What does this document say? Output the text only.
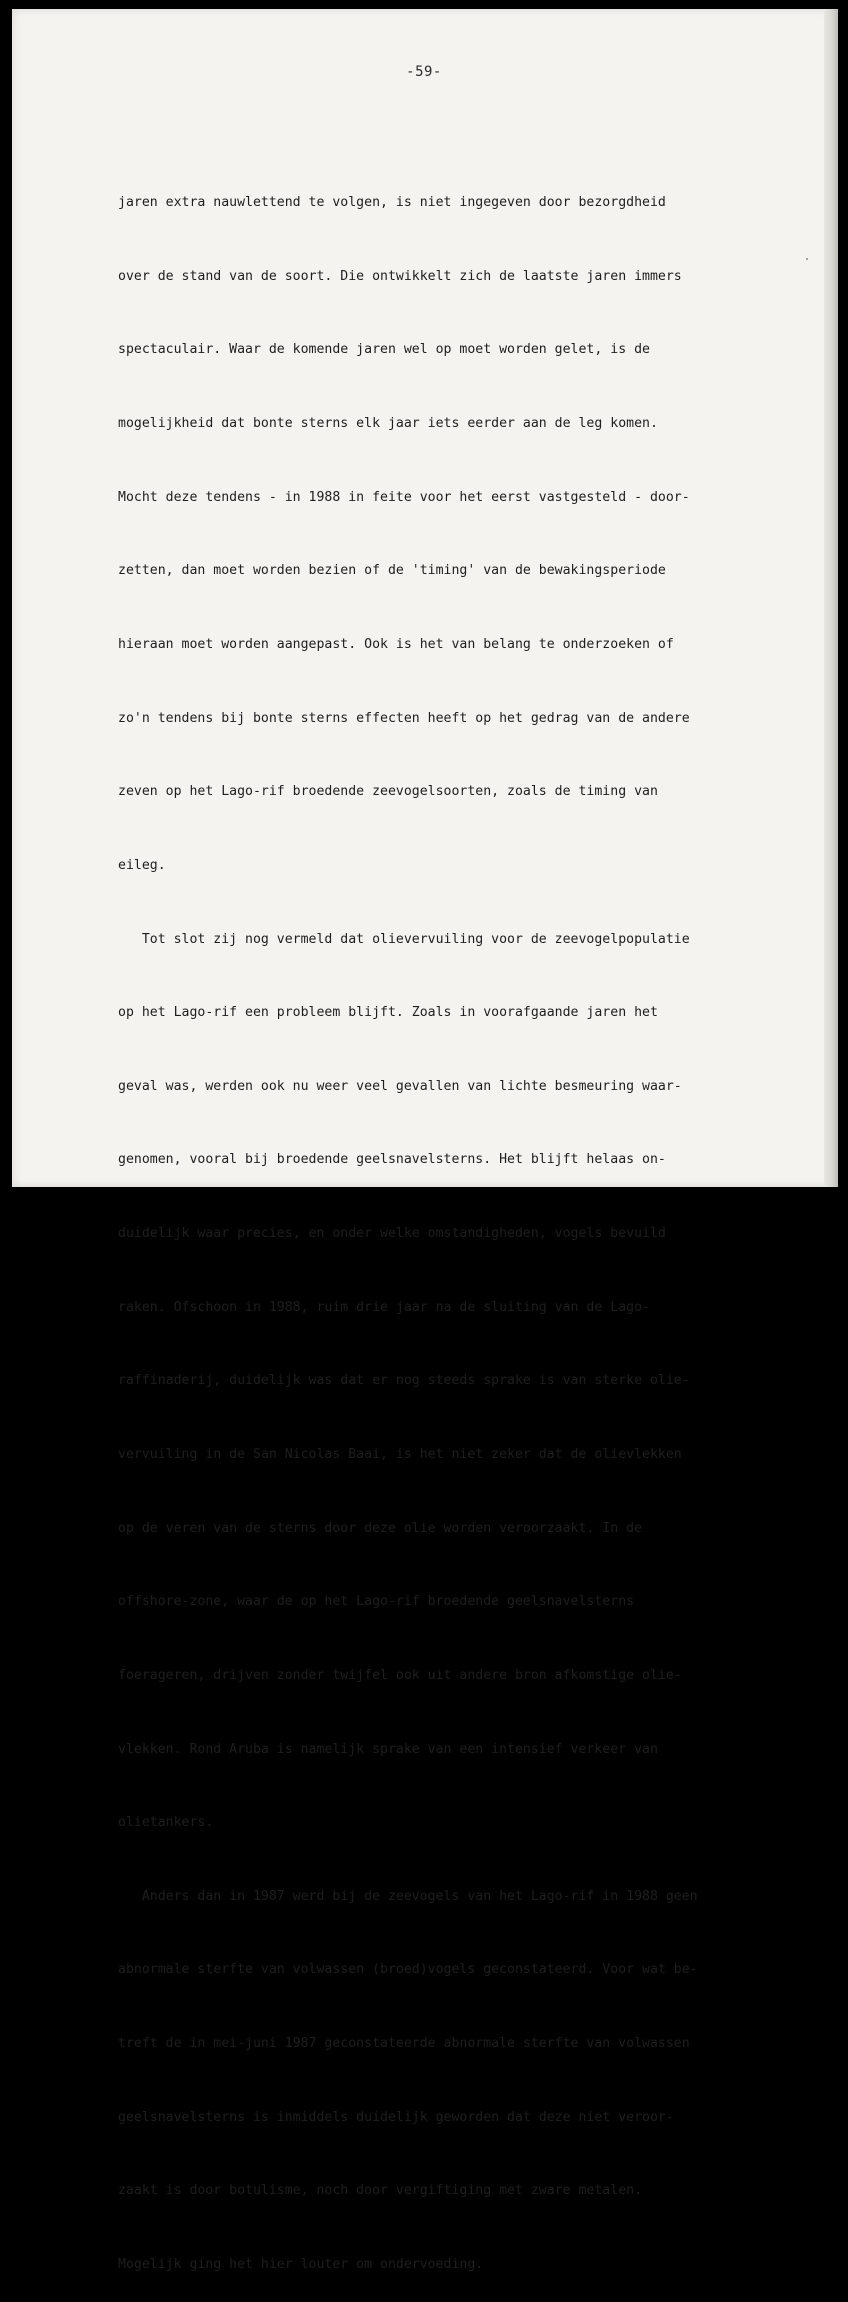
-59-

jaren extra nauwlettend te volgen, is niet ingegeven door bezorgdheid

over de stand van de soort. Die ontwikkelt zich de laatste jaren immers

spectaculair. Waar de komende jaren wel op moet worden gelet, is de

mogelijkheid dat bonte sterns elk jaar iets eerder aan de leg komen.

Mocht deze tendens - in 1988 in feite voor het eerst vastgesteld - door-

zetten, dan moet worden bezien of de 'timing' van de bewakingsperiode

hieraan moet worden aangepast. Ook is het van belang te onderzoeken of

zo'n tendens bij bonte sterns effecten heeft op het gedrag van de andere

zeven op het Lago-rif broedende zeevogelsoorten, zoals de timing van

eileg.

Tot slot zij nog vermeld dat olievervuiling voor de zeevogelpopulatie

op het Lago-rif een probleem blijft. Zoals in voorafgaande jaren het

geval was, werden ook nu weer veel gevallen van lichte besmeuring waar-

genomen, vooral bij broedende geelsnavelsterns. Het blijft helaas on-

duidelijk waar precies, en onder welke omstandigheden, vogels bevuild

raken. Ofschoon in 1988, ruim drie jaar na de sluiting van de Lago-

raffinaderij, duidelijk was dat er nog steeds sprake is van sterke olie-

vervuiling in de San Nicolas Baai, is het niet zeker dat de olievlekken

op de veren van de sterns door deze olie worden veroorzaakt. In de

offshore-zone, waar de op het Lago-rif broedende geelsnavelsterns

foerageren, drijven zonder twijfel ook uit andere bron afkomstige olie-

vlekken. Rond Aruba is namelijk sprake van een intensief verkeer van

olietankers.

Anders dan in 1987 werd bij de zeevogels van het Lago-rif in 1988 geen

abnormale sterfte van volwassen (broed)vogels geconstateerd. Voor wat be-

treft de in mei-juni 1987 geconstateerde abnormale sterfte van volwassen

geelsnavelsterns is inmiddels duidelijk geworden dat deze niet veroor-

zaakt is door botulisme, noch door vergiftiging met zware metalen.

Mogelijk ging het hier louter om ondervoeding.
